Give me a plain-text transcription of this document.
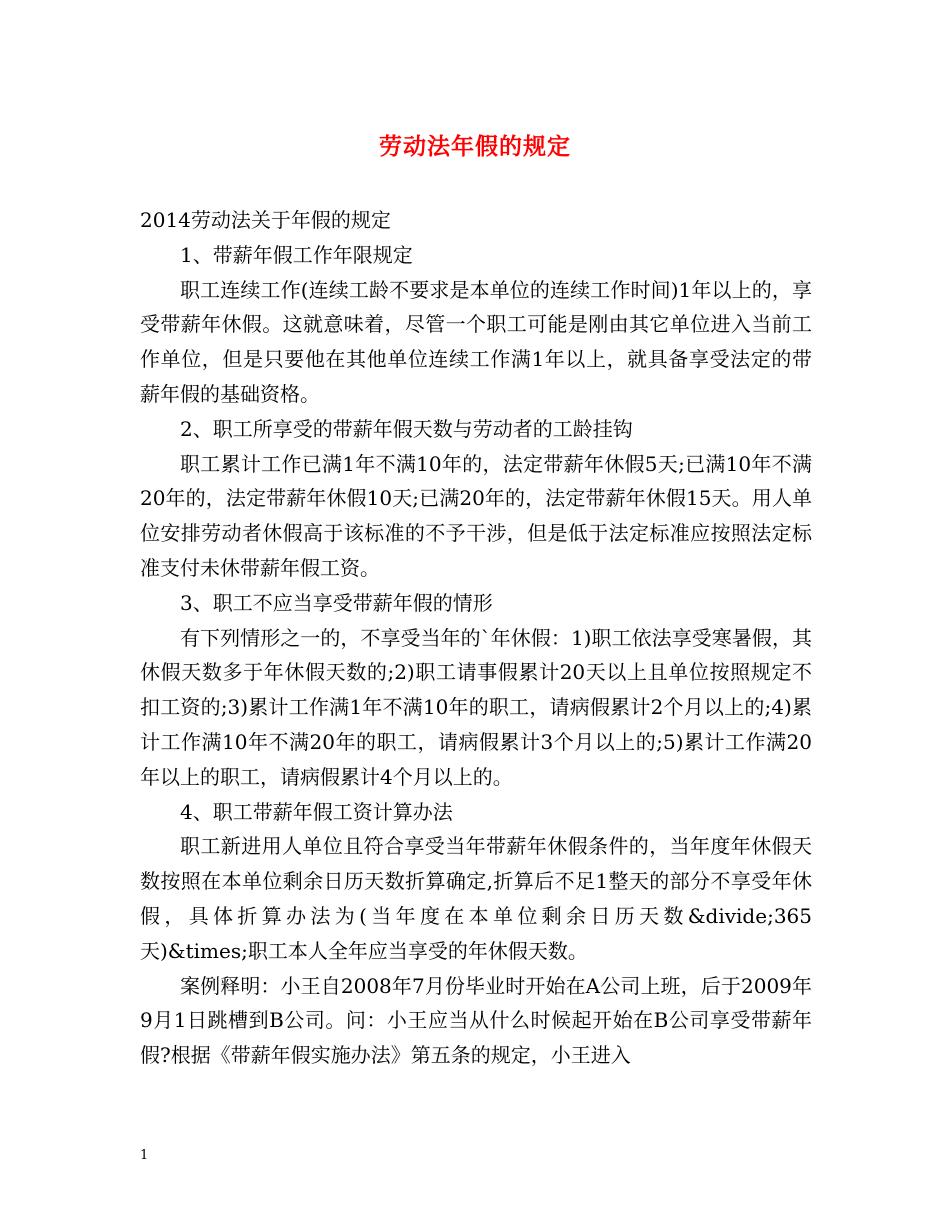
劳动法年假的规定

2014劳动法关于年假的规定

1、带薪年假工作年限规定

职工连续工作(连续工龄不要求是本单位的连续工作时间)1年以上的，享受带薪年休假。这就意味着，尽管一个职工可能是刚由其它单位进入当前工作单位，但是只要他在其他单位连续工作满1年以上，就具备享受法定的带薪年假的基础资格。

2、职工所享受的带薪年假天数与劳动者的工龄挂钩

职工累计工作已满1年不满10年的，法定带薪年休假5天;已满10年不满20年的，法定带薪年休假10天;已满20年的，法定带薪年休假15天。用人单位安排劳动者休假高于该标准的不予干涉，但是低于法定标准应按照法定标准支付未休带薪年假工资。

3、职工不应当享受带薪年假的情形

有下列情形之一的，不享受当年的`年休假：1)职工依法享受寒暑假，其休假天数多于年休假天数的;2)职工请事假累计20天以上且单位按照规定不扣工资的;3)累计工作满1年不满10年的职工，请病假累计2个月以上的;4)累计工作满10年不满20年的职工，请病假累计3个月以上的;5)累计工作满20年以上的职工，请病假累计4个月以上的。

4、职工带薪年假工资计算办法

职工新进用人单位且符合享受当年带薪年休假条件的，当年度年休假天数按照在本单位剩余日历天数折算确定,折算后不足1整天的部分不享受年休假，具体折算办法为(当年度在本单位剩余日历天数&divide;365天)&times;职工本人全年应当享受的年休假天数。

案例释明：小王自2008年7月份毕业时开始在A公司上班，后于2009年9月1日跳槽到B公司。问：小王应当从什么时候起开始在B公司享受带薪年假?根据《带薪年假实施办法》第五条的规定，小王进入

1
